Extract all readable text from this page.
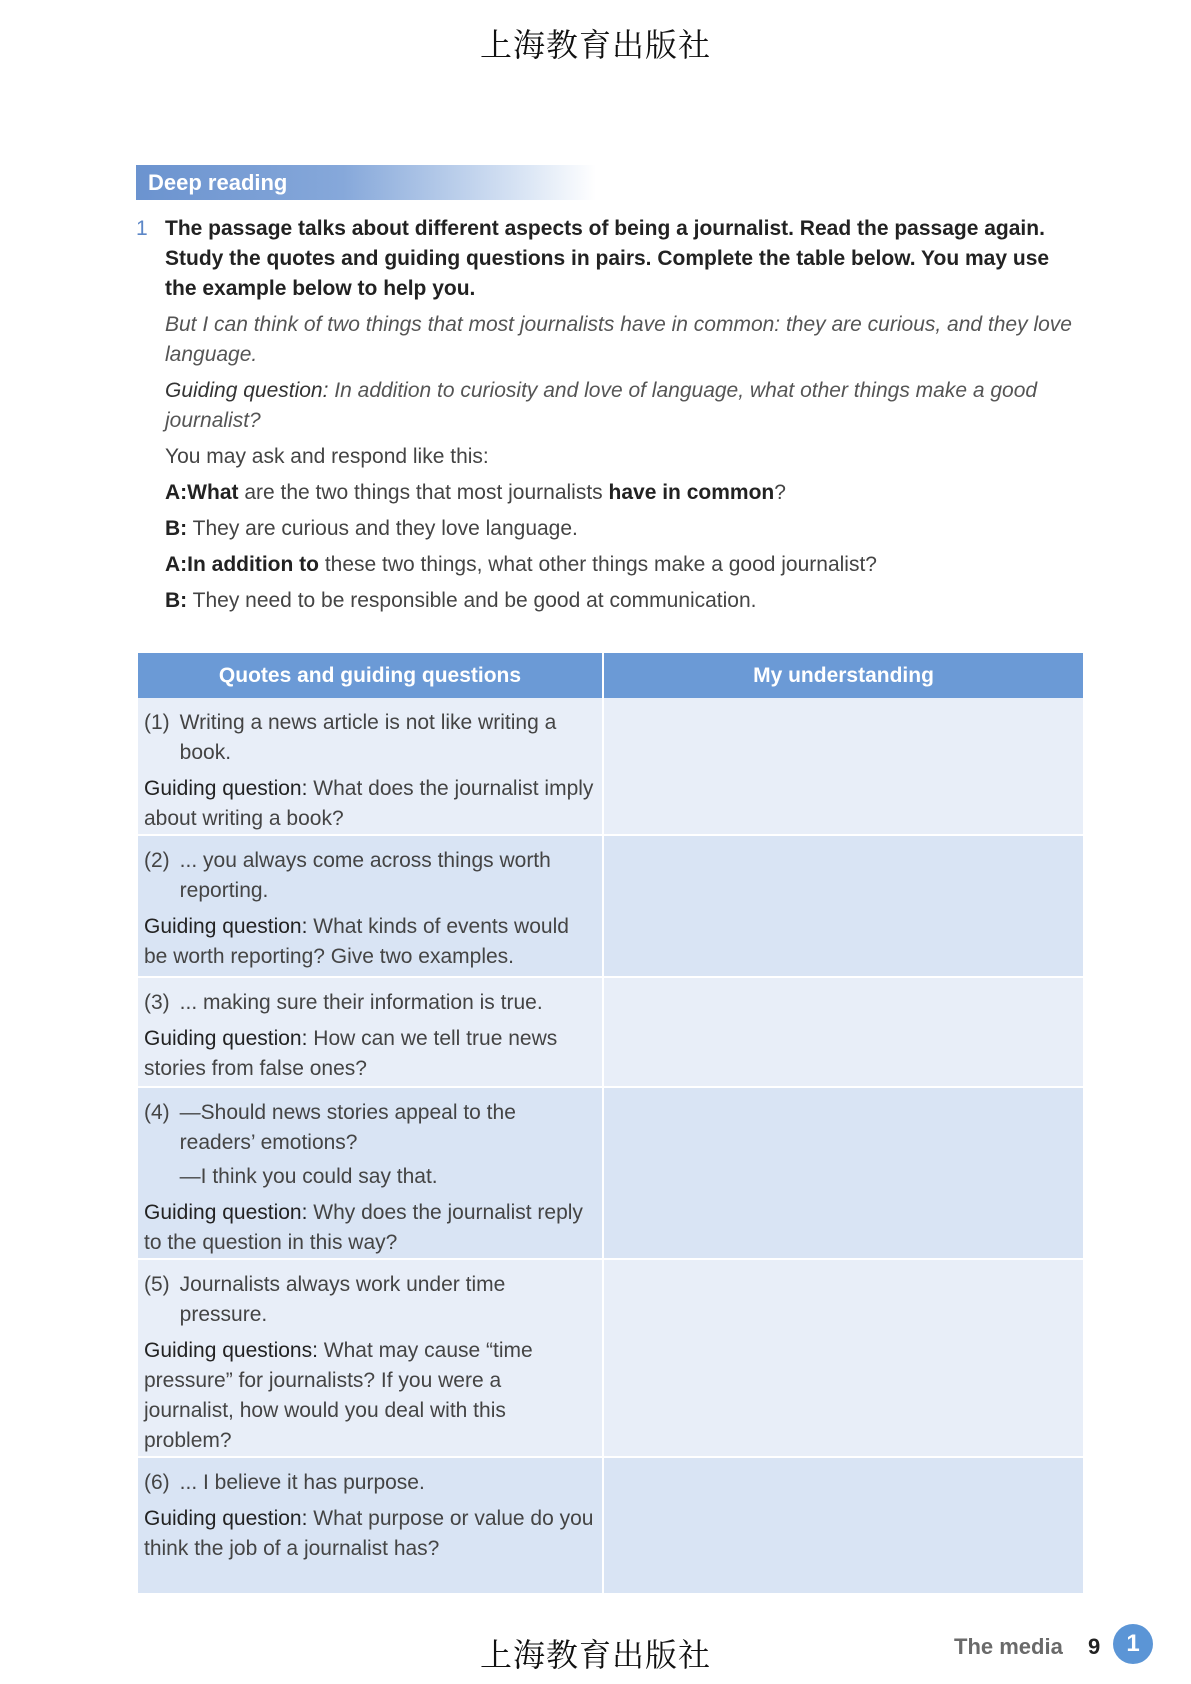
上海教育出版社
Deep reading
1 The passage talks about different aspects of being a journalist. Read the passage again. Study the quotes and guiding questions in pairs. Complete the table below. You may use the example below to help you.
But I can think of two things that most journalists have in common: they are curious, and they love language.
Guiding question: In addition to curiosity and love of language, what other things make a good journalist?
You may ask and respond like this:
A:What are the two things that most journalists have in common?
B: They are curious and they love language.
A:In addition to these two things, what other things make a good journalist?
B: They need to be responsible and be good at communication.
Quotes and guiding questions	My understanding

(1) Writing a news article is not like writing a book.
Guiding question: What does the journalist imply about writing a book?	

(2) ... you always come across things worth reporting.
Guiding question: What kinds of events would be worth reporting? Give two examples.	

(3) ... making sure their information is true.
Guiding question: How can we tell true news stories from false ones?	

(4) —Should news stories appeal to the readers’ emotions?
—I think you could say that.
Guiding question: Why does the journalist reply to the question in this way?	

(5) Journalists always work under time pressure.
Guiding questions: What may cause “time pressure” for journalists? If you were a journalist, how would you deal with this problem?	

(6) ... I believe it has purpose.
Guiding question: What purpose or value do you think the job of a journalist has?	

上海教育出版社	The media 9	1
